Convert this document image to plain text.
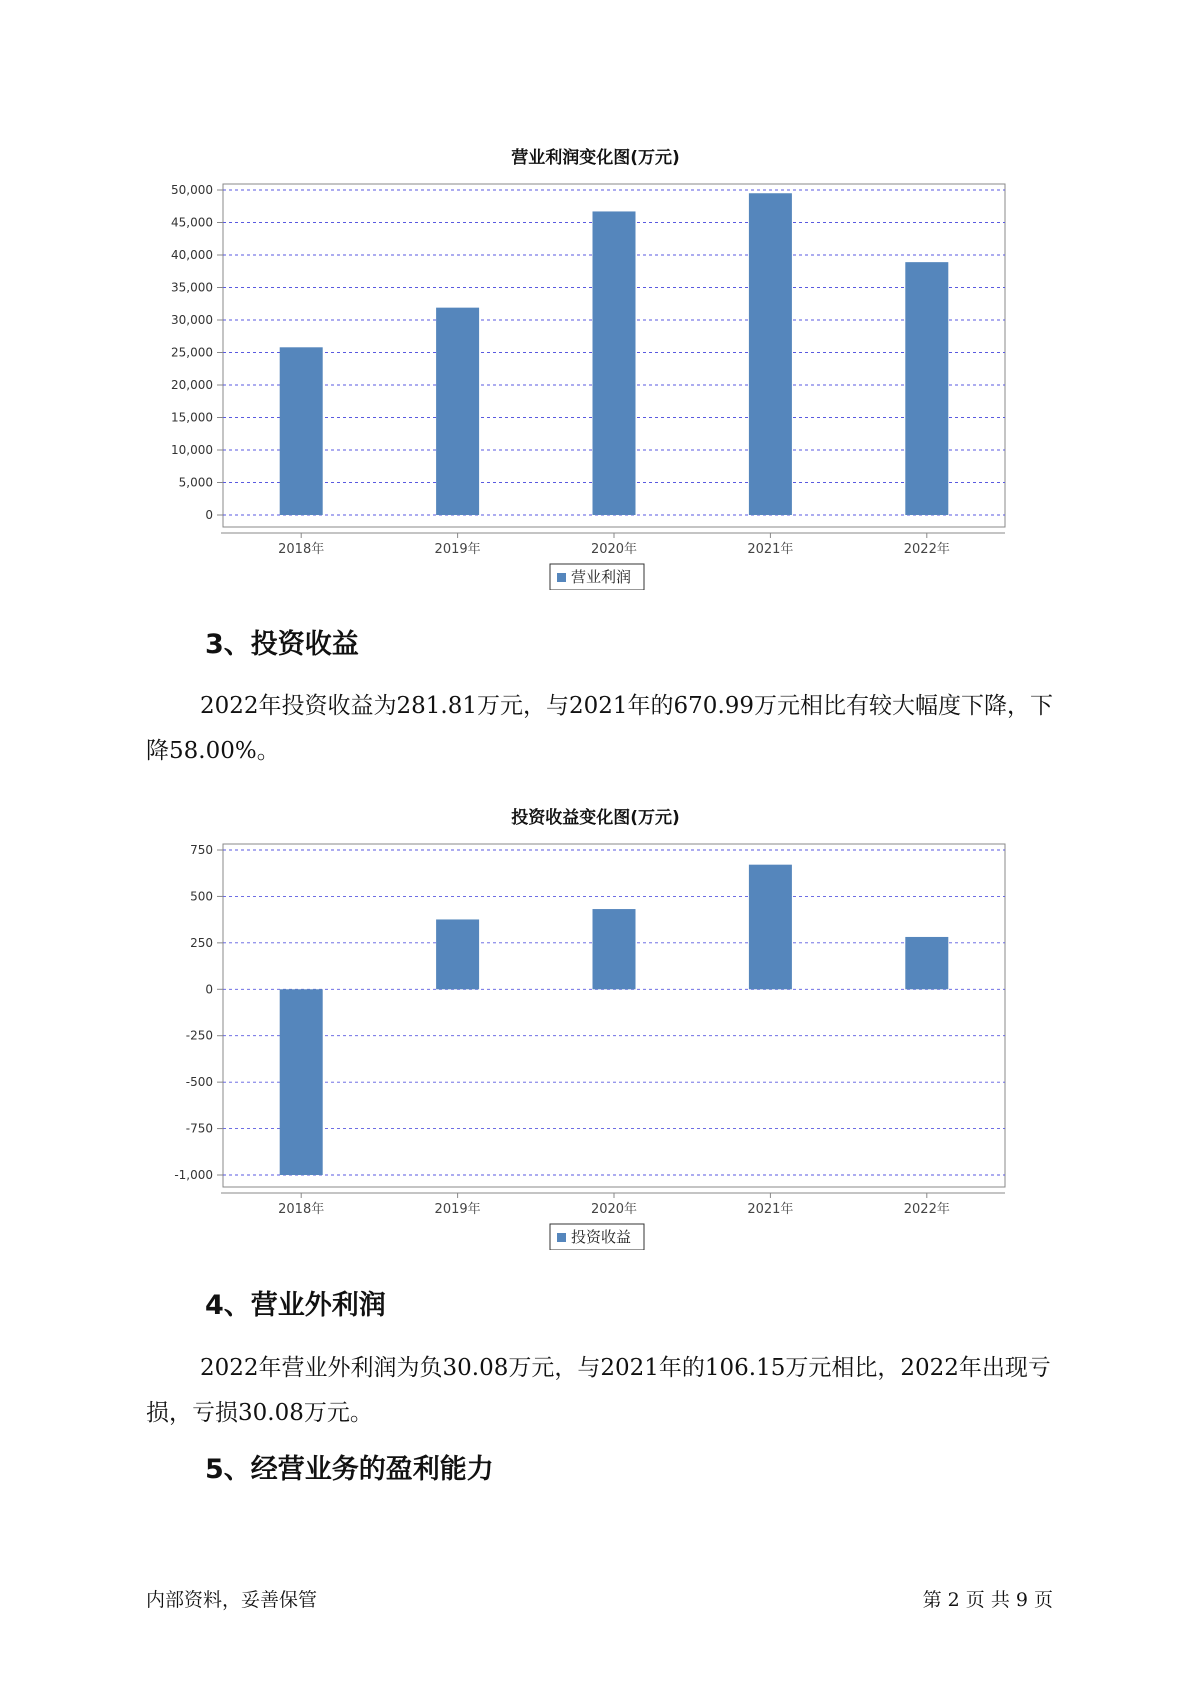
营业利润变化图(万元)
0
5,000
10,000
15,000
20,000
25,000
30,000
35,000
40,000
45,000
50,000
2018年	2019年	2020年	2021年	2022年
营业利润
3、投资收益

2022年投资收益为281.81万元，与2021年的670.99万元相比有较大幅度下降，下降58.00%。

投资收益变化图(万元)
-1,000
-750
-500
-250
0
250
500
750
2018年	2019年	2020年	2021年	2022年
投资收益
4、营业外利润

2022年营业外利润为负30.08万元，与2021年的106.15万元相比，2022年出现亏损，亏损30.08万元。

5、经营业务的盈利能力
内部资料，妥善保管	第 2 页 共 9 页
